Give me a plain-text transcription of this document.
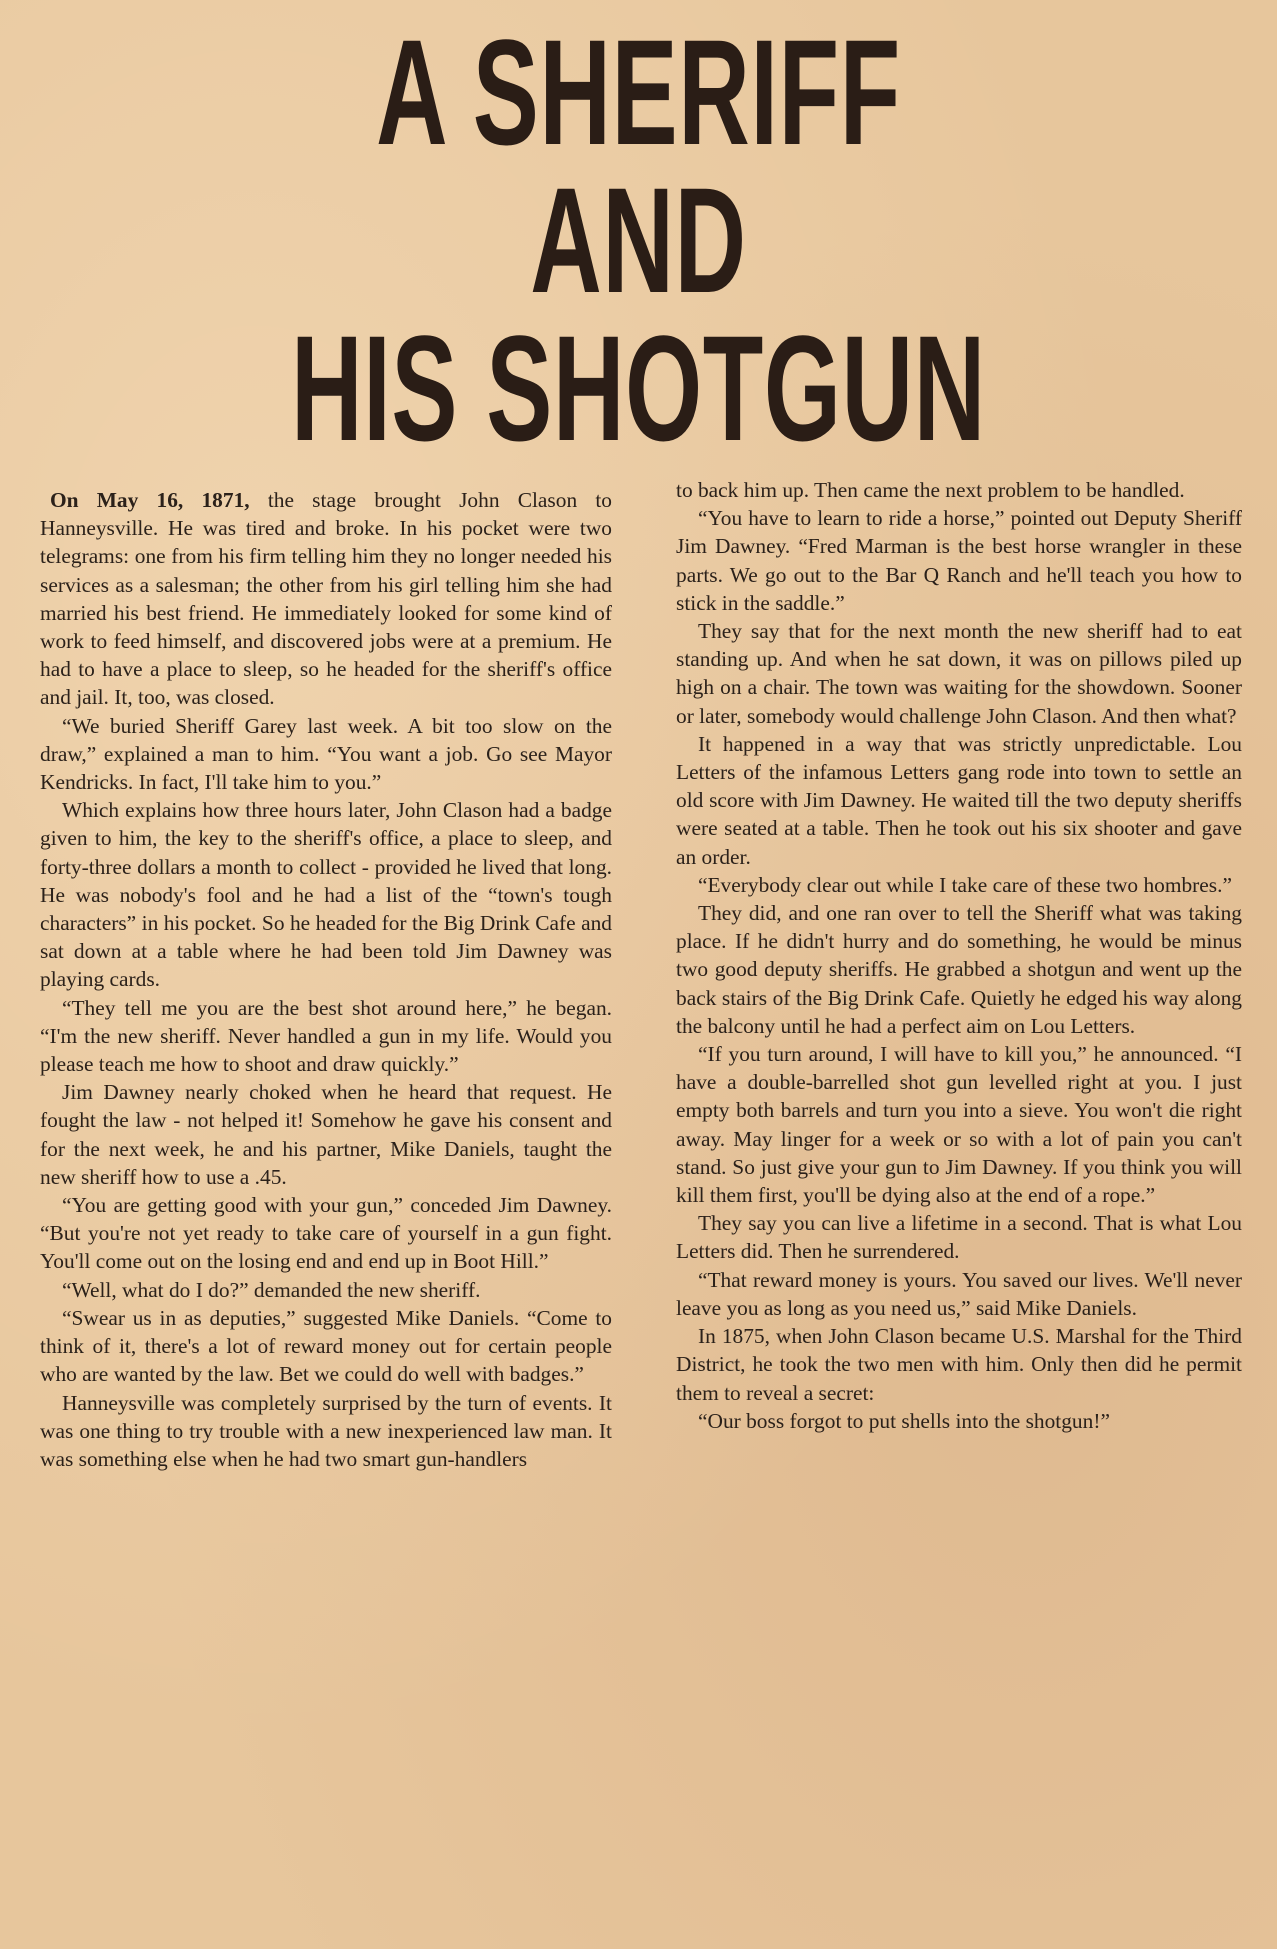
A SHERIFF
AND
HIS SHOTGUN

On May 16, 1871, the stage brought John Clason to Hanneysville. He was tired and broke. In his pocket were two telegrams: one from his firm telling him they no longer needed his services as a salesman; the other from his girl telling him she had married his best friend. He immediately looked for some kind of work to feed himself, and discovered jobs were at a premium. He had to have a place to sleep, so he headed for the sheriff's office and jail. It, too, was closed.

“We buried Sheriff Garey last week. A bit too slow on the draw,” explained a man to him. “You want a job. Go see Mayor Kendricks. In fact, I'll take him to you.”

Which explains how three hours later, John Clason had a badge given to him, the key to the sheriff's office, a place to sleep, and forty-three dollars a month to collect - provided he lived that long. He was nobody's fool and he had a list of the “town's tough characters” in his pocket. So he headed for the Big Drink Cafe and sat down at a table where he had been told Jim Dawney was playing cards.

“They tell me you are the best shot around here,” he began. “I'm the new sheriff. Never handled a gun in my life. Would you please teach me how to shoot and draw quickly.”

Jim Dawney nearly choked when he heard that request. He fought the law - not helped it! Somehow he gave his consent and for the next week, he and his partner, Mike Daniels, taught the new sheriff how to use a .45.

“You are getting good with your gun,” conceded Jim Dawney. “But you're not yet ready to take care of yourself in a gun fight. You'll come out on the losing end and end up in Boot Hill.”

“Well, what do I do?” demanded the new sheriff.

“Swear us in as deputies,” suggested Mike Daniels. “Come to think of it, there's a lot of reward money out for certain people who are wanted by the law. Bet we could do well with badges.”

Hanneysville was completely surprised by the turn of events. It was one thing to try trouble with a new inexperienced law man. It was something else when he had two smart gun-handlers

to back him up. Then came the next problem to be handled.

“You have to learn to ride a horse,” pointed out Deputy Sheriff Jim Dawney. “Fred Marman is the best horse wrangler in these parts. We go out to the Bar Q Ranch and he'll teach you how to stick in the saddle.”

They say that for the next month the new sheriff had to eat standing up. And when he sat down, it was on pillows piled up high on a chair. The town was waiting for the showdown. Sooner or later, somebody would challenge John Clason. And then what?

It happened in a way that was strictly unpredictable. Lou Letters of the infamous Letters gang rode into town to settle an old score with Jim Dawney. He waited till the two deputy sheriffs were seated at a table. Then he took out his six shooter and gave an order.

“Everybody clear out while I take care of these two hombres.”

They did, and one ran over to tell the Sheriff what was taking place. If he didn't hurry and do something, he would be minus two good deputy sheriffs. He grabbed a shotgun and went up the back stairs of the Big Drink Cafe. Quietly he edged his way along the balcony until he had a perfect aim on Lou Letters.

“If you turn around, I will have to kill you,” he announced. “I have a double-barrelled shot gun levelled right at you. I just empty both barrels and turn you into a sieve. You won't die right away. May linger for a week or so with a lot of pain you can't stand. So just give your gun to Jim Dawney. If you think you will kill them first, you'll be dying also at the end of a rope.”

They say you can live a lifetime in a second. That is what Lou Letters did. Then he surrendered.

“That reward money is yours. You saved our lives. We'll never leave you as long as you need us,” said Mike Daniels.

In 1875, when John Clason became U.S. Marshal for the Third District, he took the two men with him. Only then did he permit them to reveal a secret:

“Our boss forgot to put shells into the shotgun!”
